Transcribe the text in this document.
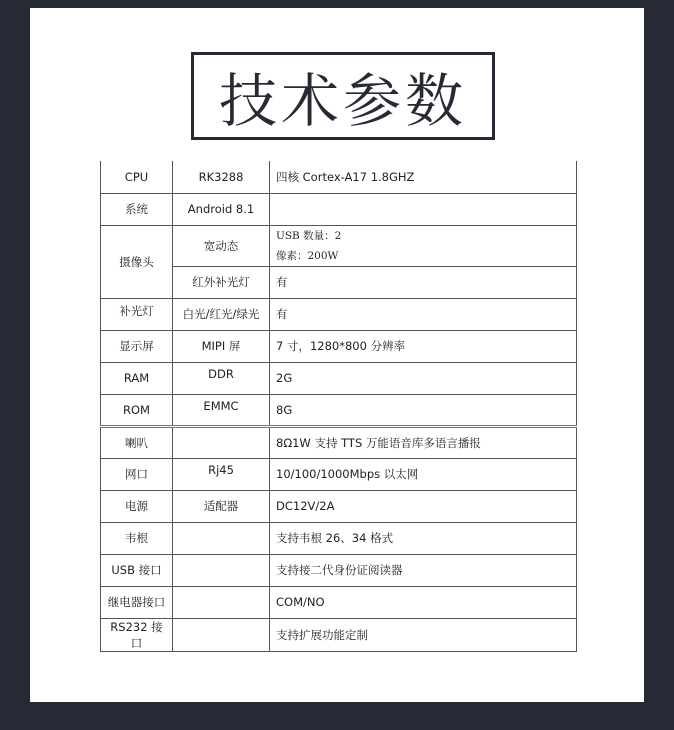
技术参数
CPU	RK3288	四核 Cortex-A17 1.8GHZ
系统	Android 8.1	
摄像头	宽动态	USB 数量：2
像素：200W

	红外补光灯	有
补光灯	白光/红光/绿光	有
显示屏	MIPI 屏	7 寸，1280*800 分辨率
RAM	DDR	2G
ROM	EMMC	8G
喇叭		8Ω1W 支持 TTS 万能语音库多语言播报
网口	Rj45	10/100/1000Mbps 以太网
电源	适配器	DC12V/2A
韦根		支持韦根 26、34 格式
USB 接口		支持接二代身份证阅读器
继电器接口		COM/NO
RS232 接口		支持扩展功能定制
